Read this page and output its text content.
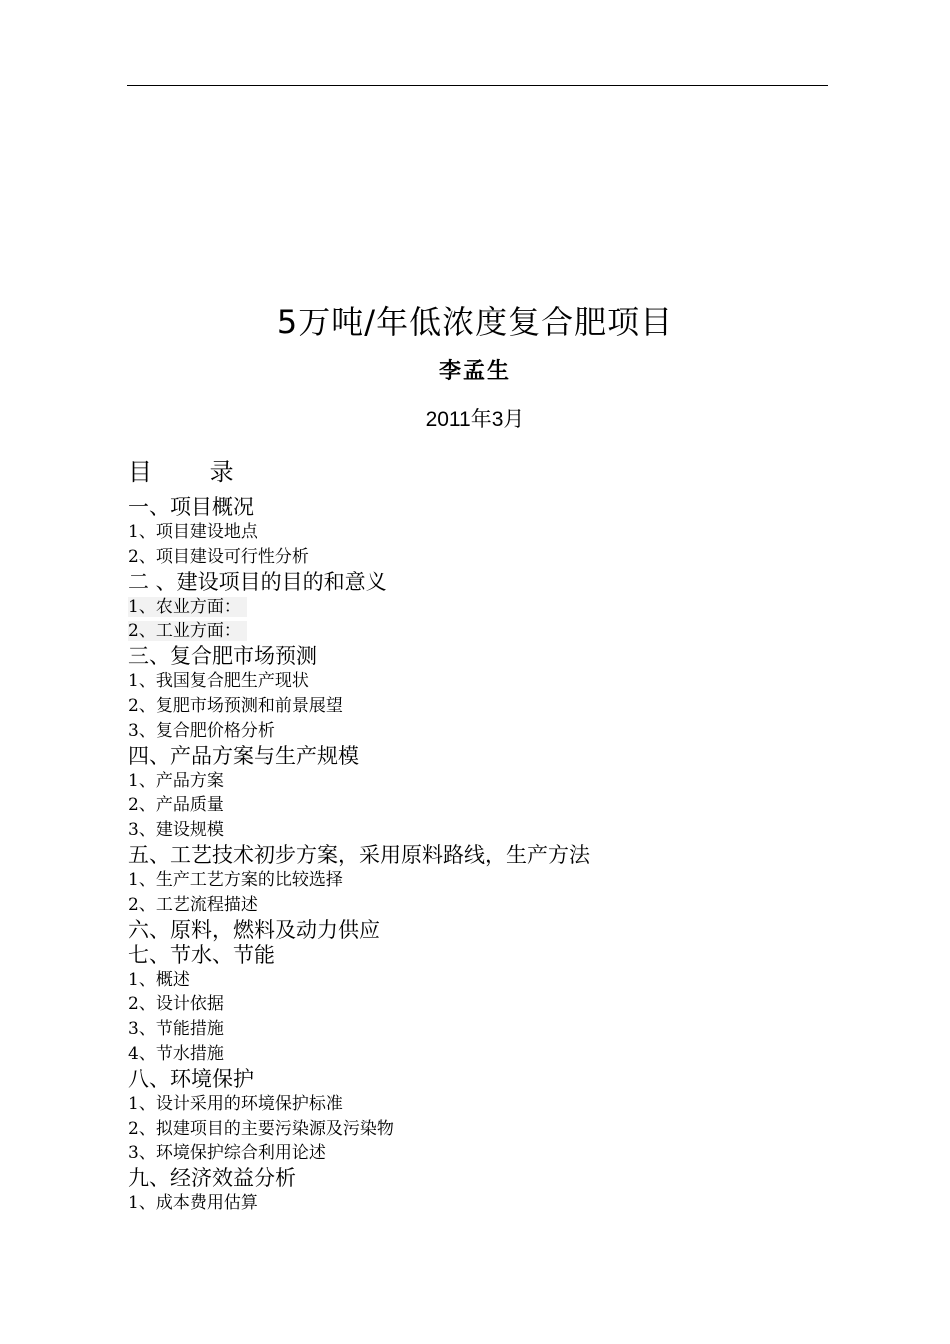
5万吨/年低浓度复合肥项目
李孟生
2011年3月
目 录
一、项目概况
1、项目建设地点
2、项目建设可行性分析
二 、建设项目的目的和意义
1、农业方面：
2、工业方面：
三、复合肥市场预测
1、我国复合肥生产现状
2、复肥市场预测和前景展望
3、复合肥价格分析
四、产品方案与生产规模
1、产品方案
2、产品质量
3、建设规模
五、工艺技术初步方案，采用原料路线，生产方法
1、生产工艺方案的比较选择
2、工艺流程描述
六、原料，燃料及动力供应
七、节水、节能
1、概述
2、设计依据
3、节能措施
4、节水措施
八、环境保护
1、设计采用的环境保护标准
2、拟建项目的主要污染源及污染物
3、环境保护综合利用论述
九、经济效益分析
1、成本费用估算
